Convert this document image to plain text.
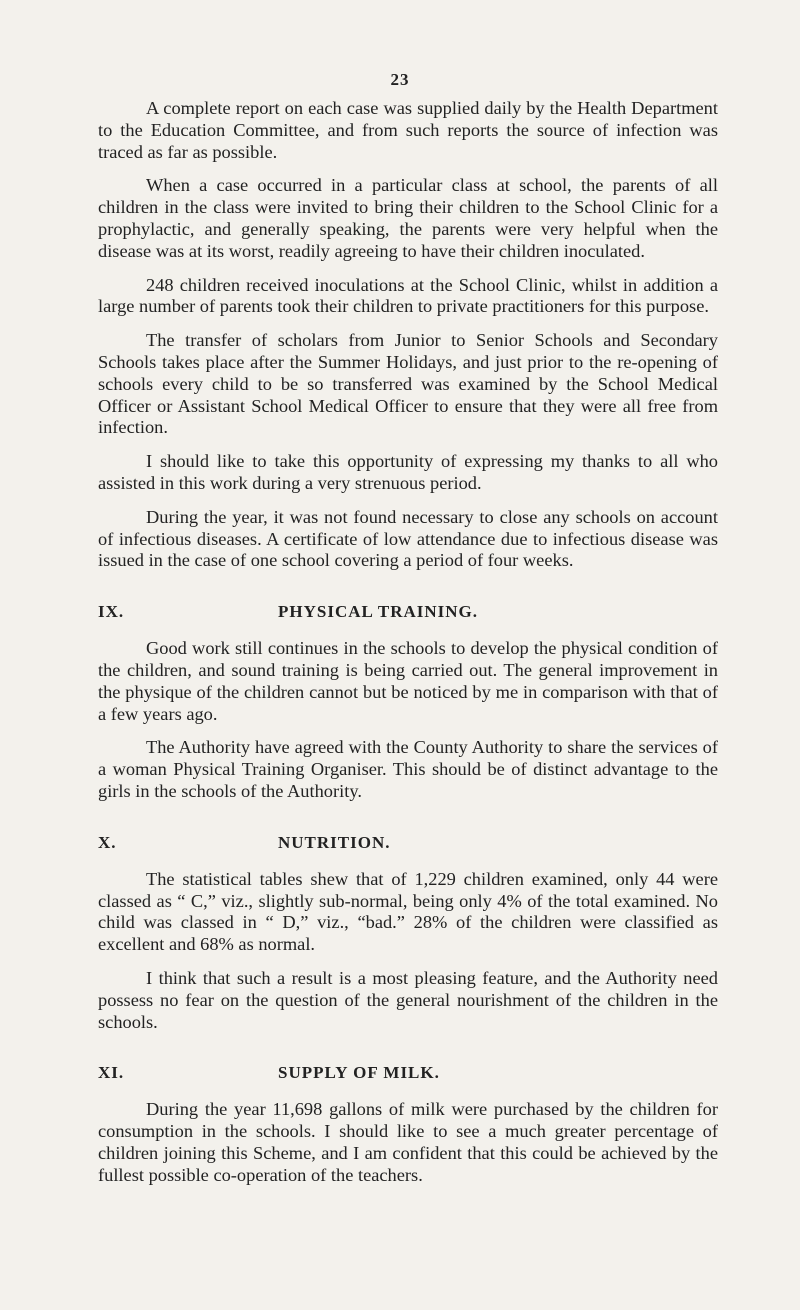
23

A complete report on each case was supplied daily by the Health Department to the Education Committee, and from such reports the source of infection was traced as far as possible.

When a case occurred in a particular class at school, the parents of all children in the class were invited to bring their children to the School Clinic for a prophylactic, and generally speaking, the parents were very helpful when the disease was at its worst, readily agreeing to have their children inoculated.

248 children received inoculations at the School Clinic, whilst in addition a large number of parents took their children to private practitioners for this purpose.

The transfer of scholars from Junior to Senior Schools and Secondary Schools takes place after the Summer Holidays, and just prior to the re-opening of schools every child to be so transferred was examined by the School Medical Officer or Assistant School Medical Officer to ensure that they were all free from infection.

I should like to take this opportunity of expressing my thanks to all who assisted in this work during a very strenuous period.

During the year, it was not found necessary to close any schools on account of infectious diseases. A certificate of low attendance due to infectious disease was issued in the case of one school covering a period of four weeks.

IX.	PHYSICAL TRAINING.

Good work still continues in the schools to develop the physical condition of the children, and sound training is being carried out. The general improvement in the physique of the children cannot but be noticed by me in comparison with that of a few years ago.

The Authority have agreed with the County Authority to share the services of a woman Physical Training Organiser. This should be of distinct advantage to the girls in the schools of the Authority.

X.	NUTRITION.

The statistical tables shew that of 1,229 children examined, only 44 were classed as “ C,” viz., slightly sub-normal, being only 4% of the total examined. No child was classed in “ D,” viz., “bad.” 28% of the children were classified as excellent and 68% as normal.

I think that such a result is a most pleasing feature, and the Authority need possess no fear on the question of the general nourishment of the children in the schools.

XI.	SUPPLY OF MILK.

During the year 11,698 gallons of milk were purchased by the children for consumption in the schools. I should like to see a much greater percentage of children joining this Scheme, and I am confident that this could be achieved by the fullest possible co-operation of the teachers.
